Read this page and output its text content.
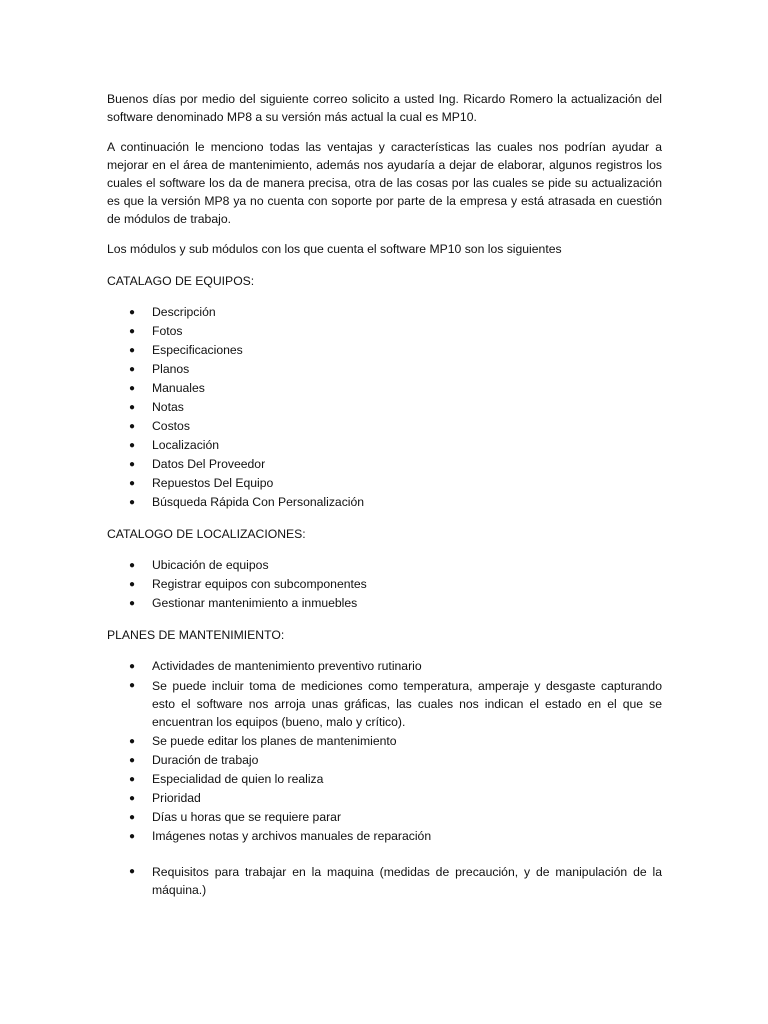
Buenos días por medio del siguiente correo solicito a usted Ing. Ricardo Romero la actualización del software denominado MP8 a su versión más actual la cual es MP10.

A continuación le menciono todas las ventajas y características las cuales nos podrían ayudar a mejorar en el área de mantenimiento, además nos ayudaría a dejar de elaborar, algunos registros los cuales el software los da de manera precisa, otra de las cosas por las cuales se pide su actualización es que la versión MP8 ya no cuenta con soporte por parte de la empresa y está atrasada en cuestión de módulos de trabajo.

Los módulos y sub módulos con los que cuenta el software MP10 son los siguientes

CATALAGO DE EQUIPOS:

● Descripción
● Fotos
● Especificaciones
● Planos
● Manuales
● Notas
● Costos
● Localización
● Datos Del Proveedor
● Repuestos Del Equipo
● Búsqueda Rápida Con Personalización

CATALOGO DE LOCALIZACIONES:

● Ubicación de equipos
● Registrar equipos con subcomponentes
● Gestionar mantenimiento a inmuebles

PLANES DE MANTENIMIENTO:

● Actividades de mantenimiento preventivo rutinario
● Se puede incluir toma de mediciones como temperatura, amperaje y desgaste capturando esto el software nos arroja unas gráficas, las cuales nos indican el estado en el que se encuentran los equipos (bueno, malo y crítico).
● Se puede editar los planes de mantenimiento
● Duración de trabajo
● Especialidad de quien lo realiza
● Prioridad
● Días u horas que se requiere parar
● Imágenes notas y archivos manuales de reparación
● Requisitos para trabajar en la maquina (medidas de precaución, y de manipulación de la máquina.)
